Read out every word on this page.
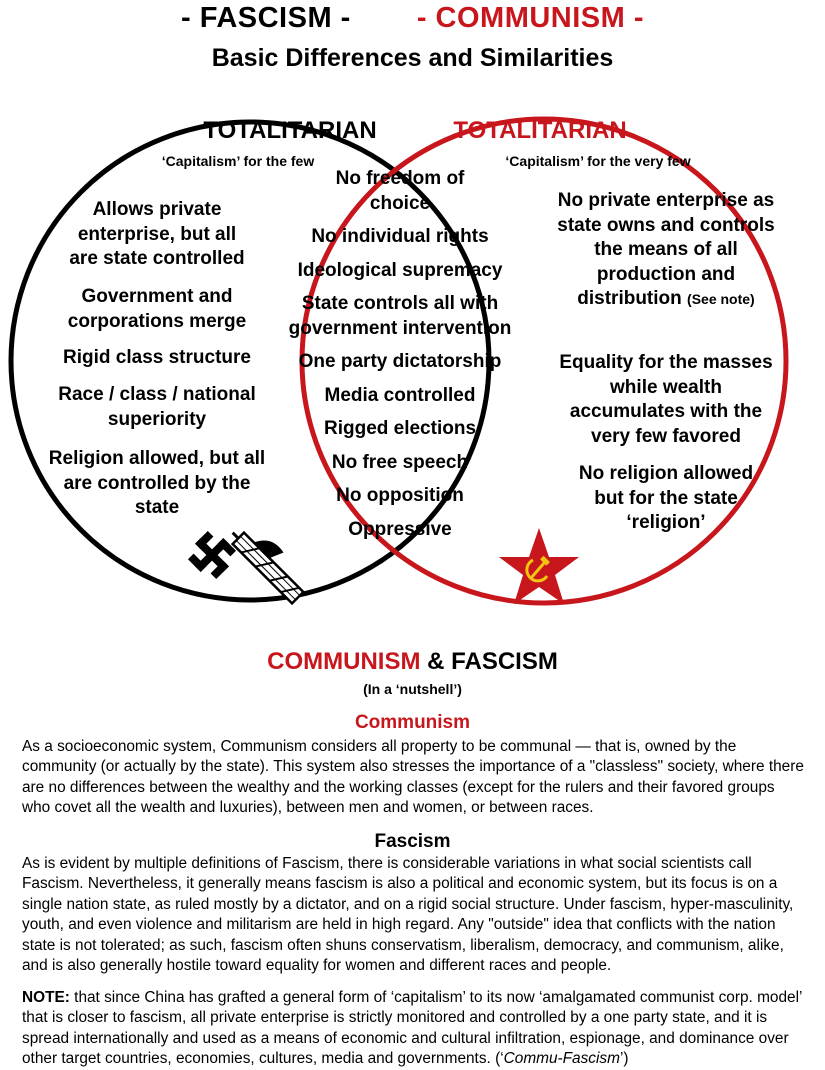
- FASCISM - - COMMUNISM -
Basic Differences and Similarities
TOTALITARIAN
‘Capitalism’ for the few
Allows private enterprise, but all are state controlled
Government and corporations merge
Rigid class structure
Race / class / national superiority
Religion allowed, but all are controlled by the state
No freedom of choice
No individual rights
Ideological supremacy
State controls all with government intervention
One party dictatorship
Media controlled
Rigged elections
No free speech
No opposition
Oppressive
TOTALITARIAN
‘Capitalism’ for the very few
No private enterprise as state owns and controls the means of all production and distribution (See note)
Equality for the masses while wealth accumulates with the very few favored
No religion allowed but for the state ‘religion’
COMMUNISM & FASCISM
(In a ‘nutshell’)
Communism
As a socioeconomic system, Communism considers all property to be communal — that is, owned by the community (or actually by the state). This system also stresses the importance of a "classless" society, where there are no differences between the wealthy and the working classes (except for the rulers and their favored groups who covet all the wealth and luxuries), between men and women, or between races.
Fascism
As is evident by multiple definitions of Fascism, there is considerable variations in what social scientists call Fascism. Nevertheless, it generally means fascism is also a political and economic system, but its focus is on a single nation state, as ruled mostly by a dictator, and on a rigid social structure. Under fascism, hyper-masculinity, youth, and even violence and militarism are held in high regard. Any "outside" idea that conflicts with the nation state is not tolerated; as such, fascism often shuns conservatism, liberalism, democracy, and communism, alike, and is also generally hostile toward equality for women and different races and people.
NOTE: that since China has grafted a general form of ‘capitalism’ to its now ‘amalgamated communist corp. model’ that is closer to fascism, all private enterprise is strictly monitored and controlled by a one party state, and it is spread internationally and used as a means of economic and cultural infiltration, espionage, and dominance over other target countries, economies, cultures, media and governments. (‘Commu-Fascism’)
